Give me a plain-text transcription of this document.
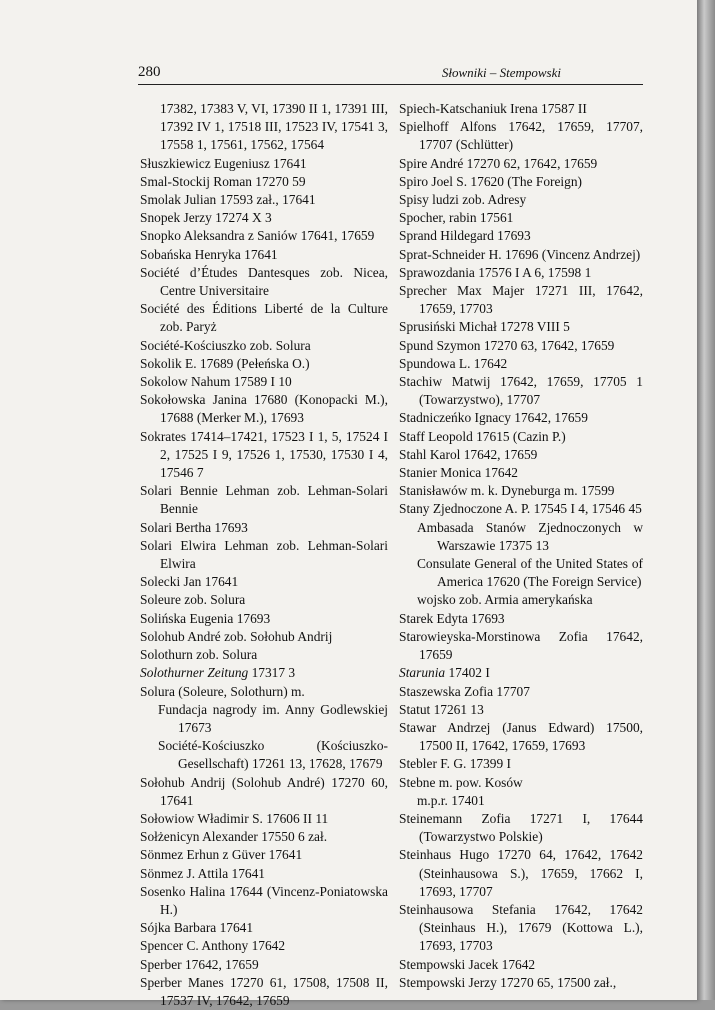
280	Słowniki – Stempowski
17382, 17383 V, VI, 17390 II 1, 17391 III, 17392 IV 1, 17518 III, 17523 IV, 17541 3, 17558 1, 17561, 17562, 17564
Słuszkiewicz Eugeniusz 17641
Smal-Stockij Roman 17270 59
Smolak Julian 17593 zał., 17641
Snopek Jerzy 17274 X 3
Snopko Aleksandra z Saniów 17641, 17659
Sobańska Henryka 17641
Société d’Études Dantesques zob. Nicea, Centre Universitaire
Société des Éditions Liberté de la Culture zob. Paryż
Société-Kościuszko zob. Solura
Sokolik E. 17689 (Pełeńska O.)
Sokolow Nahum 17589 I 10
Sokołowska Janina 17680 (Konopacki M.), 17688 (Merker M.), 17693
Sokrates 17414–17421, 17523 I 1, 5, 17524 I 2, 17525 I 9, 17526 1, 17530, 17530 I 4, 17546 7
Solari Bennie Lehman zob. Lehman-Solari Bennie
Solari Bertha 17693
Solari Elwira Lehman zob. Lehman-Solari Elwira
Solecki Jan 17641
Soleure zob. Solura
Solińska Eugenia 17693
Solohub André zob. Sołohub Andrij
Solothurn zob. Solura
Solothurner Zeitung 17317 3
Solura (Soleure, Solothurn) m.
Fundacja nagrody im. Anny Godlewskiej 17673
Société-Kościuszko (Kościuszko-Gesellschaft) 17261 13, 17628, 17679
Sołohub Andrij (Solohub André) 17270 60, 17641
Sołowiow Władimir S. 17606 II 11
Sołżenicyn Alexander 17550 6 zał.
Sönmez Erhun z Güver 17641
Sönmez J. Attila 17641
Sosenko Halina 17644 (Vincenz-Poniatowska H.)
Sójka Barbara 17641
Spencer C. Anthony 17642
Sperber 17642, 17659
Sperber Manes 17270 61, 17508, 17508 II, 17537 IV, 17642, 17659
Spiech-Katschaniuk Irena 17587 II
Spielhoff Alfons 17642, 17659, 17707, 17707 (Schlütter)
Spire André 17270 62, 17642, 17659
Spiro Joel S. 17620 (The Foreign)
Spisy ludzi zob. Adresy
Spocher, rabin 17561
Sprand Hildegard 17693
Sprat-Schneider H. 17696 (Vincenz Andrzej)
Sprawozdania 17576 I A 6, 17598 1
Sprecher Max Majer 17271 III, 17642, 17659, 17703
Sprusiński Michał 17278 VIII 5
Spund Szymon 17270 63, 17642, 17659
Spundowa L. 17642
Stachiw Matwij 17642, 17659, 17705 1 (Towarzystwo), 17707
Stadniczeńko Ignacy 17642, 17659
Staff Leopold 17615 (Cazin P.)
Stahl Karol 17642, 17659
Stanier Monica 17642
Stanisławów m. k. Dyneburga m. 17599
Stany Zjednoczone A. P. 17545 I 4, 17546 45
Ambasada Stanów Zjednoczonych w Warszawie 17375 13
Consulate General of the United States of America 17620 (The Foreign Service)
wojsko zob. Armia amerykańska
Starek Edyta 17693
Starowieyska-Morstinowa Zofia 17642, 17659
Starunia 17402 I
Staszewska Zofia 17707
Statut 17261 13
Stawar Andrzej (Janus Edward) 17500, 17500 II, 17642, 17659, 17693
Stebler F. G. 17399 I
Stebne m. pow. Kosów
m.p.r. 17401
Steinemann Zofia 17271 I, 17644 (Towarzystwo Polskie)
Steinhaus Hugo 17270 64, 17642, 17642 (Steinhausowa S.), 17659, 17662 I, 17693, 17707
Steinhausowa Stefania 17642, 17642 (Steinhaus H.), 17679 (Kottowa L.), 17693, 17703
Stempowski Jacek 17642
Stempowski Jerzy 17270 65, 17500 zał.,
